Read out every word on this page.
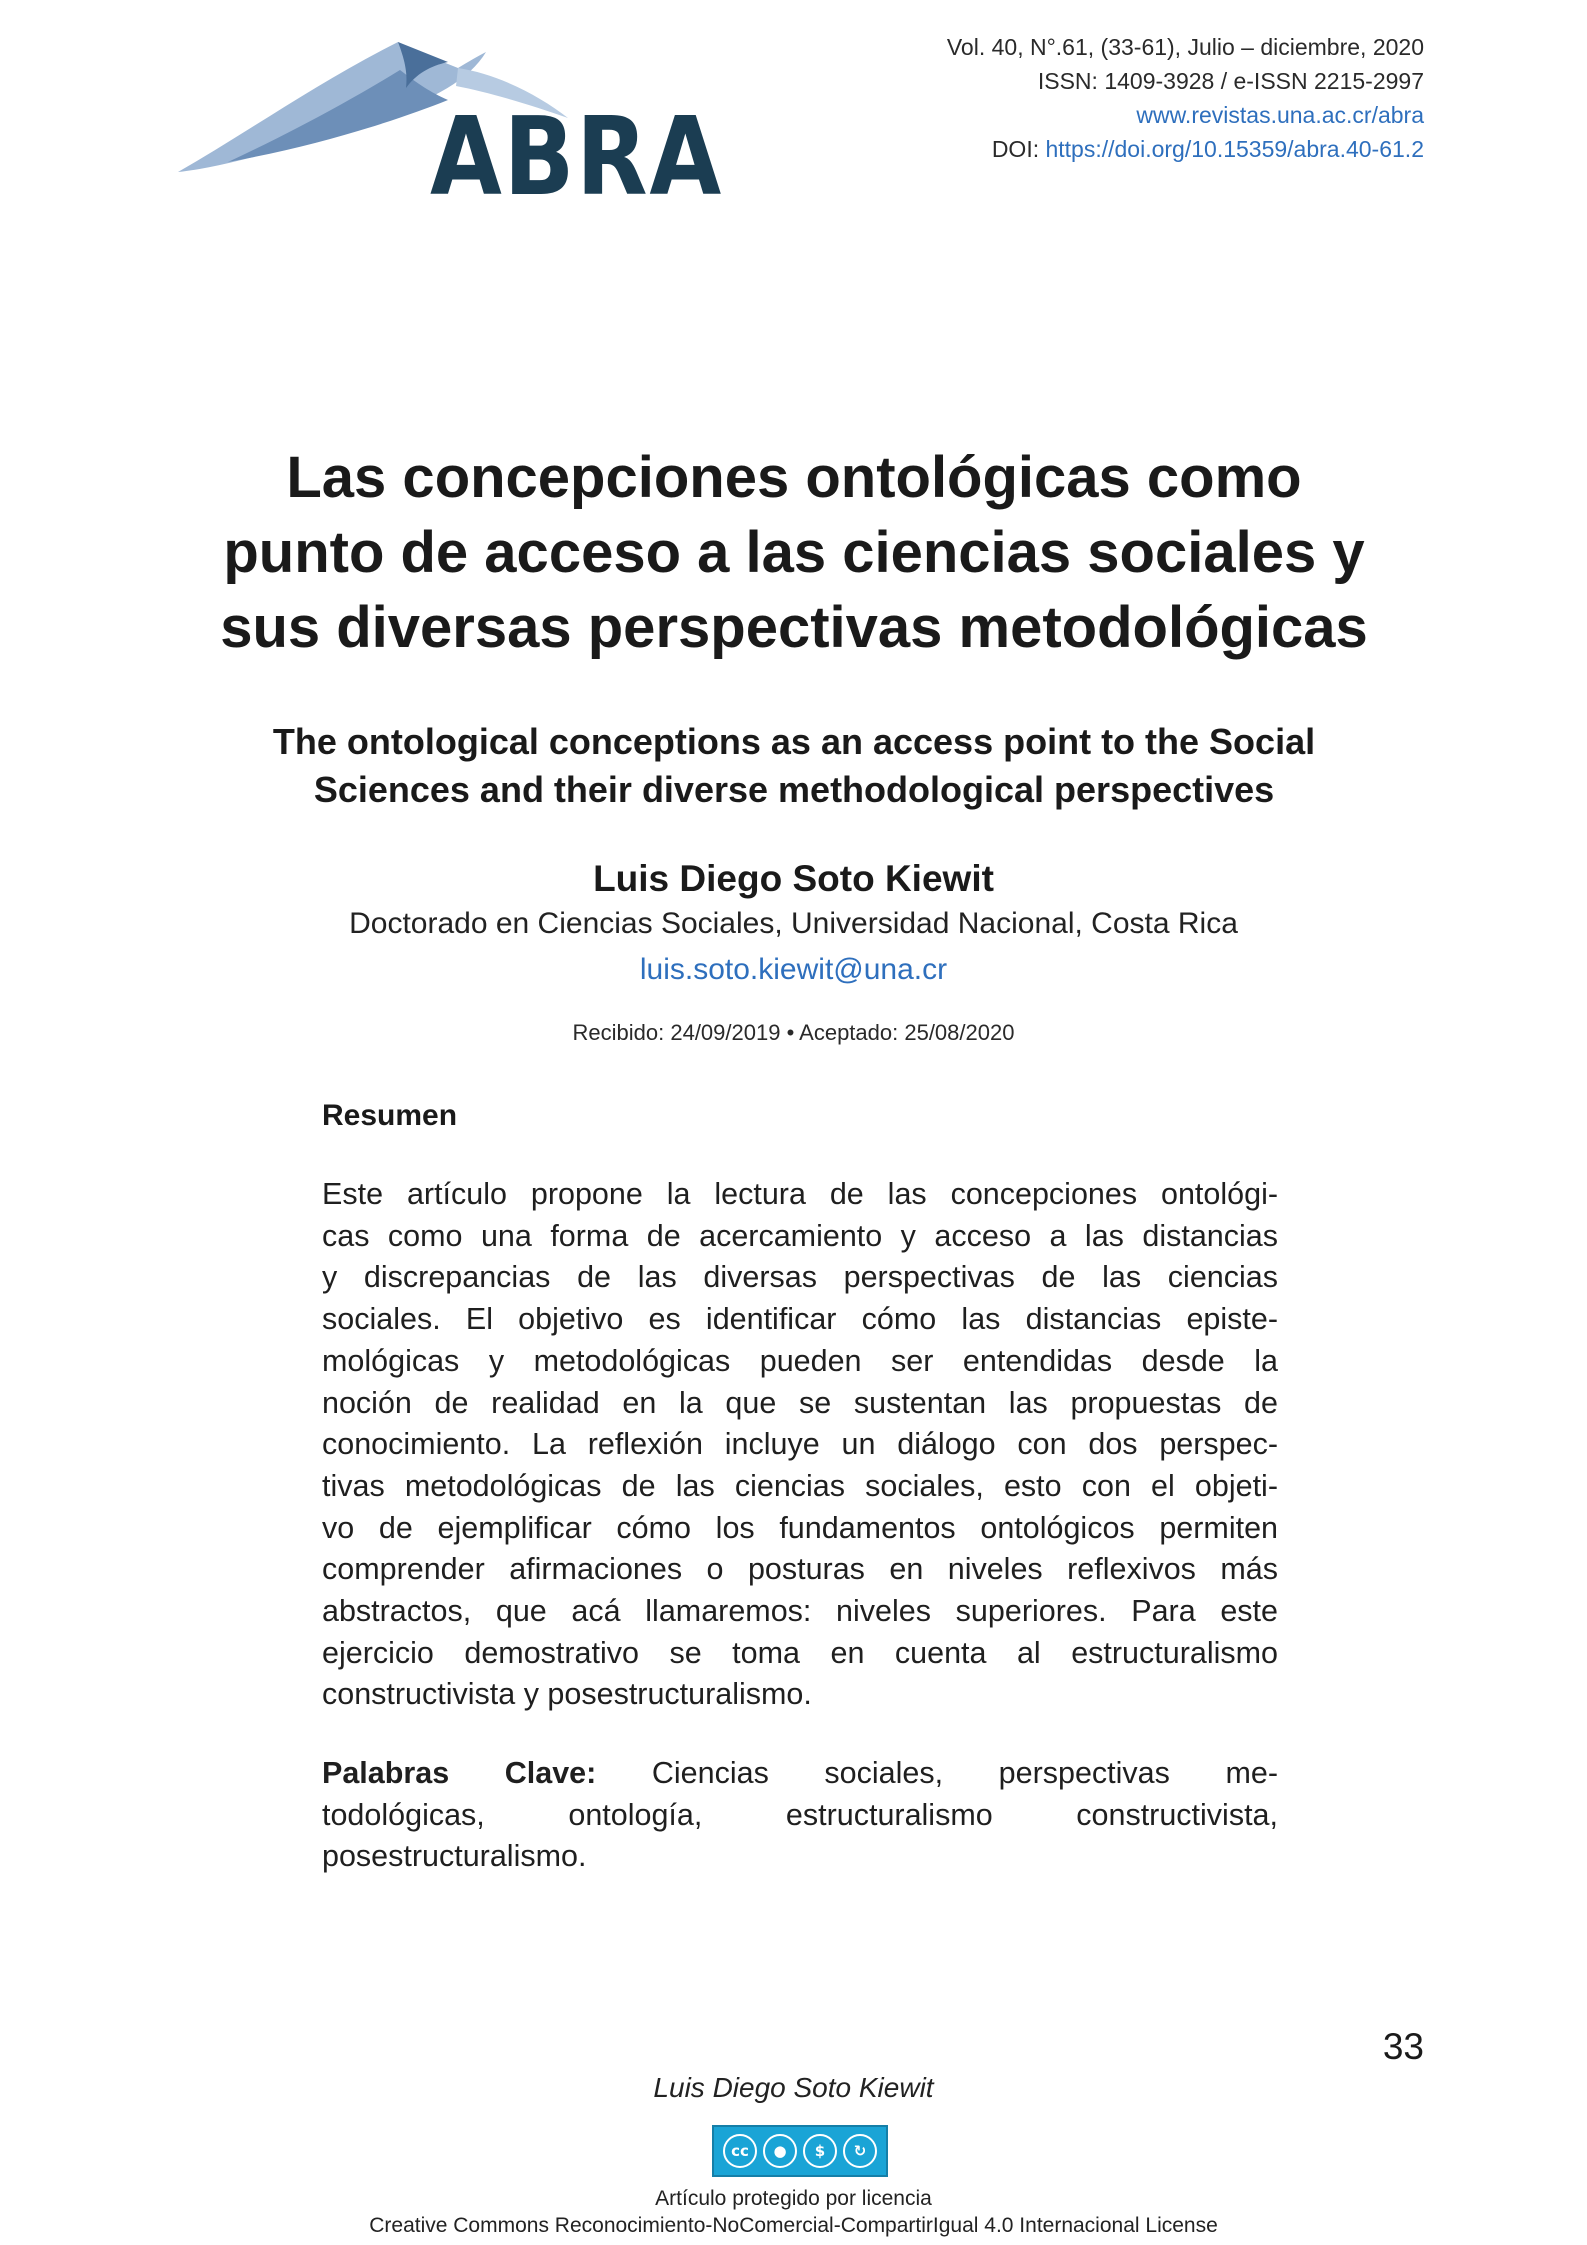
ABRA
Vol. 40, N°.61, (33-61), Julio – diciembre, 2020
ISSN: 1409-3928 / e-ISSN 2215-2997
www.revistas.una.ac.cr/abra
DOI: https://doi.org/10.15359/abra.40-61.2
Las concepciones ontológicas como
punto de acceso a las ciencias sociales y
sus diversas perspectivas metodológicas
The ontological conceptions as an access point to the Social
Sciences and their diverse methodological perspectives
Luis Diego Soto Kiewit
Doctorado en Ciencias Sociales, Universidad Nacional, Costa Rica
luis.soto.kiewit@una.cr
Recibido: 24/09/2019 • Aceptado: 25/08/2020
Resumen
Este artículo propone la lectura de las concepciones ontológi-
cas como una forma de acercamiento y acceso a las distancias
y discrepancias de las diversas perspectivas de las ciencias
sociales. El objetivo es identificar cómo las distancias episte-
mológicas y metodológicas pueden ser entendidas desde la
noción de realidad en la que se sustentan las propuestas de
conocimiento. La reflexión incluye un diálogo con dos perspec-
tivas metodológicas de las ciencias sociales, esto con el objeti-
vo de ejemplificar cómo los fundamentos ontológicos permiten
comprender afirmaciones o posturas en niveles reflexivos más
abstractos, que acá llamaremos: niveles superiores. Para este
ejercicio demostrativo se toma en cuenta al estructuralismo
constructivista y posestructuralismo.
Palabras Clave: Ciencias sociales, perspectivas me-
todológicas, ontología, estructuralismo constructivista,
posestructuralismo.
33
Luis Diego Soto Kiewit
cc	●	$	↻
Artículo protegido por licencia
Creative Commons Reconocimiento-NoComercial-CompartirIgual 4.0 Internacional License
